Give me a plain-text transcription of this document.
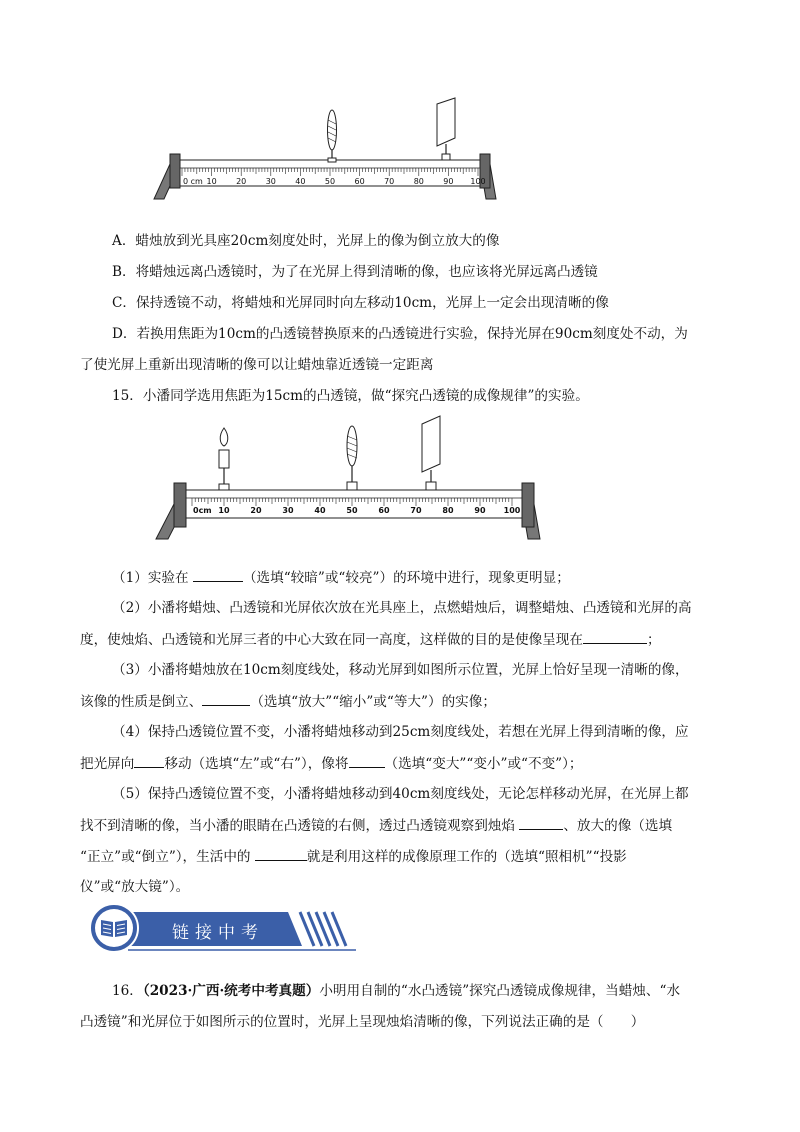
0 cm 10 20 30 40 50 60 70 80 90 100
A．蜡烛放到光具座20cm刻度处时，光屏上的像为倒立放大的像
B．将蜡烛远离凸透镜时，为了在光屏上得到清晰的像，也应该将光屏远离凸透镜
C．保持透镜不动，将蜡烛和光屏同时向左移动10cm，光屏上一定会出现清晰的像
D．若换用焦距为10cm的凸透镜替换原来的凸透镜进行实验，保持光屏在90cm刻度处不动，为
了使光屏上重新出现清晰的像可以让蜡烛靠近透镜一定距离
15．小潘同学选用焦距为15cm的凸透镜，做“探究凸透镜的成像规律”的实验。
0cm 10	20	30	40	50	60	70	80	90 100
（1）实验在	（选填“较暗”或“较亮”）的环境中进行，现象更明显；
（2）小潘将蜡烛、凸透镜和光屏依次放在光具座上，点燃蜡烛后，调整蜡烛、凸透镜和光屏的高
度，使烛焰、凸透镜和光屏三者的中心大致在同一高度，这样做的目的是使像呈现在	；
（3）小潘将蜡烛放在10cm刻度线处，移动光屏到如图所示位置，光屏上恰好呈现一清晰的像，
该像的性质是倒立、	（选填“放大”“缩小”或“等大”）的实像；
（4）保持凸透镜位置不变，小潘将蜡烛移动到25cm刻度线处，若想在光屏上得到清晰的像，应
把光屏向 移动（选填“左”或“右”），像将	（选填“变大”“变小”或“不变”）；
（5）保持凸透镜位置不变，小潘将蜡烛移动到40cm刻度线处，无论怎样移动光屏，在光屏上都
找不到清晰的像，当小潘的眼睛在凸透镜的右侧，透过凸透镜观察到烛焰	、放大的像（选填
“正立”或“倒立”），生活中的	就是利用这样的成像原理工作的（选填“照相机”“投影
仪”或“放大镜”）。
链接中考
16．（2023·广西·统考中考真题）小明用自制的“水凸透镜”探究凸透镜成像规律，当蜡烛、“水
凸透镜”和光屏位于如图所示的位置时，光屏上呈现烛焰清晰的像，下列说法正确的是（　　）
